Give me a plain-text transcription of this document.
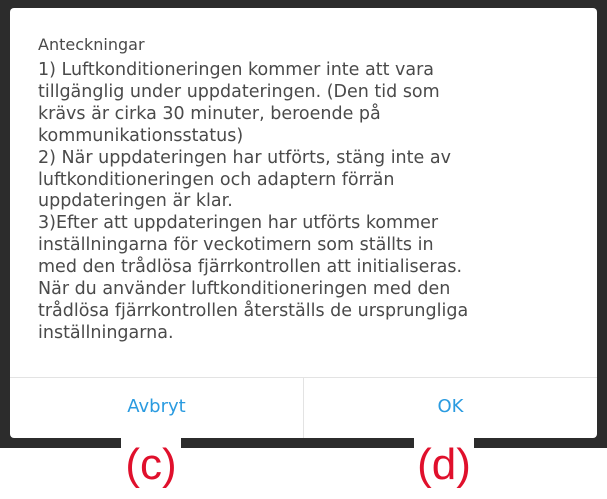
Anteckningar

1) Luftkonditioneringen kommer inte att vara
tillgänglig under uppdateringen. (Den tid som
krävs är cirka 30 minuter, beroende på
kommunikationsstatus)
2) När uppdateringen har utförts, stäng inte av
luftkonditioneringen och adaptern förrän
uppdateringen är klar.
3)Efter att uppdateringen har utförts kommer
inställningarna för veckotimern som ställts in
med den trådlösa fjärrkontrollen att initialiseras.
När du använder luftkonditioneringen med den
trådlösa fjärrkontrollen återställs de ursprungliga
inställningarna.

Avbryt	OK
(c)	(d)
